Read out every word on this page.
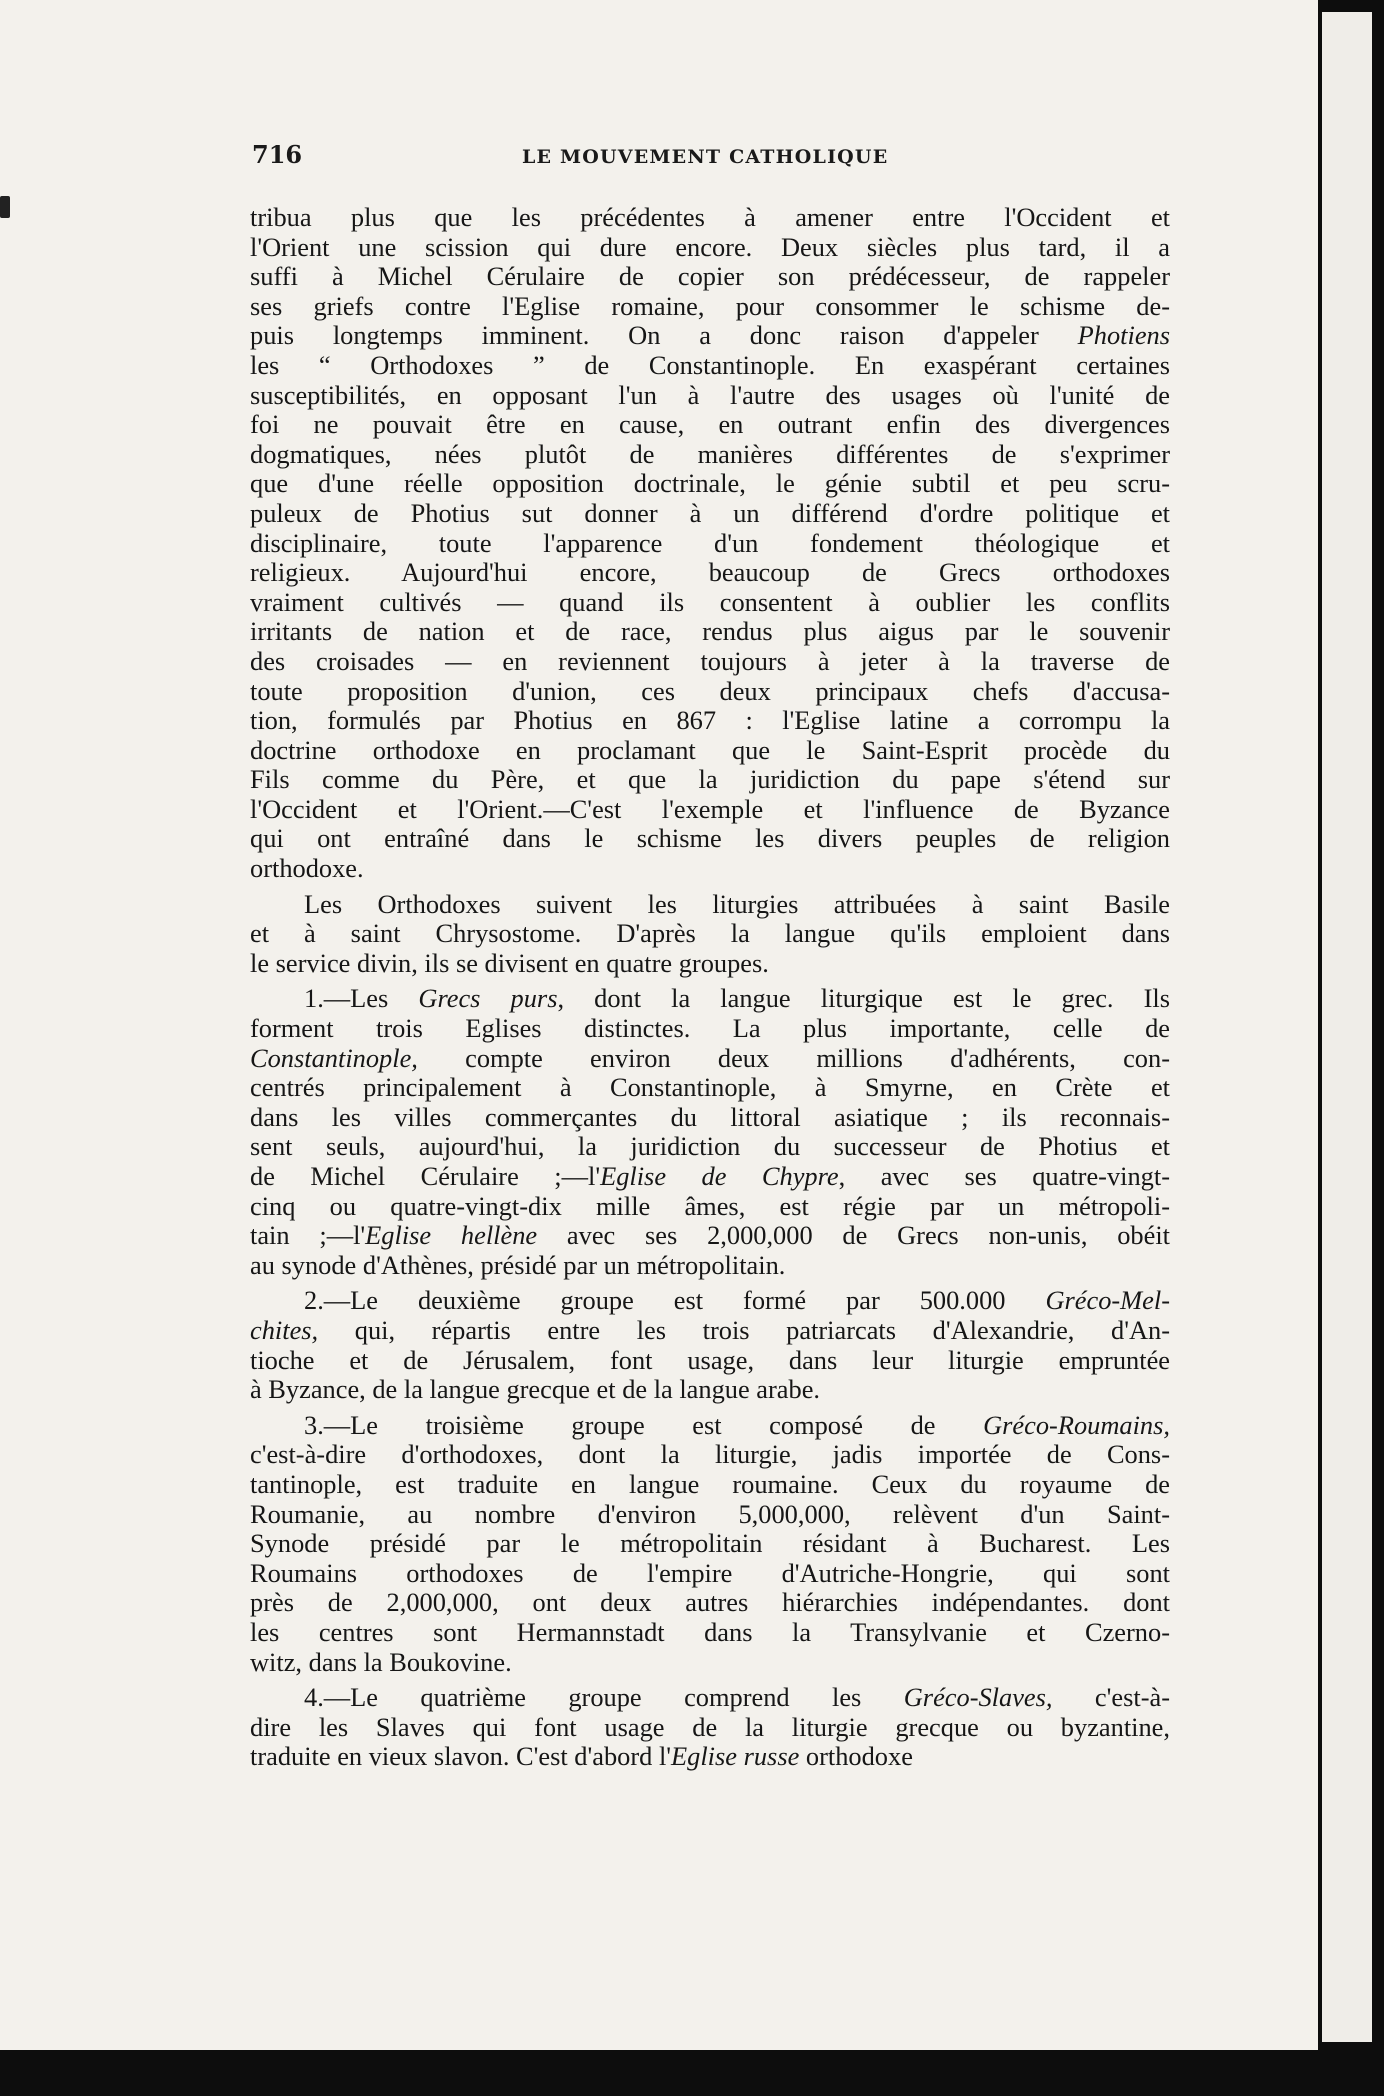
716	LE MOUVEMENT CATHOLIQUE

tribua plus que les précédentes à amener entre l'Occident et
l'Orient une scission qui dure encore. Deux siècles plus tard, il a
suffi à Michel Cérulaire de copier son prédécesseur, de rappeler
ses griefs contre l'Eglise romaine, pour consommer le schisme de-
puis longtemps imminent. On a donc raison d'appeler Photiens
les “ Orthodoxes ” de Constantinople. En exaspérant certaines
susceptibilités, en opposant l'un à l'autre des usages où l'unité de
foi ne pouvait être en cause, en outrant enfin des divergences
dogmatiques, nées plutôt de manières différentes de s'exprimer
que d'une réelle opposition doctrinale, le génie subtil et peu scru-
puleux de Photius sut donner à un différend d'ordre politique et
disciplinaire, toute l'apparence d'un fondement théologique et
religieux. Aujourd'hui encore, beaucoup de Grecs orthodoxes
vraiment cultivés — quand ils consentent à oublier les conflits
irritants de nation et de race, rendus plus aigus par le souvenir
des croisades — en reviennent toujours à jeter à la traverse de
toute proposition d'union, ces deux principaux chefs d'accusa-
tion, formulés par Photius en 867 : l'Eglise latine a corrompu la
doctrine orthodoxe en proclamant que le Saint-Esprit procède du
Fils comme du Père, et que la juridiction du pape s'étend sur
l'Occident et l'Orient.—C'est l'exemple et l'influence de Byzance
qui ont entraîné dans le schisme les divers peuples de religion
orthodoxe.

Les Orthodoxes suivent les liturgies attribuées à saint Basile
et à saint Chrysostome. D'après la langue qu'ils emploient dans
le service divin, ils se divisent en quatre groupes.

1.—Les Grecs purs, dont la langue liturgique est le grec. Ils
forment trois Eglises distinctes. La plus importante, celle de
Constantinople, compte environ deux millions d'adhérents, con-
centrés principalement à Constantinople, à Smyrne, en Crète et
dans les villes commerçantes du littoral asiatique ; ils reconnais-
sent seuls, aujourd'hui, la juridiction du successeur de Photius et
de Michel Cérulaire ;—l'Eglise de Chypre, avec ses quatre-vingt-
cinq ou quatre-vingt-dix mille âmes, est régie par un métropoli-
tain ;—l'Eglise hellène avec ses 2,000,000 de Grecs non-unis, obéit
au synode d'Athènes, présidé par un métropolitain.

2.—Le deuxième groupe est formé par 500.000 Gréco-Mel-
chites, qui, répartis entre les trois patriarcats d'Alexandrie, d'An-
tioche et de Jérusalem, font usage, dans leur liturgie empruntée
à Byzance, de la langue grecque et de la langue arabe.

3.—Le troisième groupe est composé de Gréco-Roumains,
c'est-à-dire d'orthodoxes, dont la liturgie, jadis importée de Cons-
tantinople, est traduite en langue roumaine. Ceux du royaume de
Roumanie, au nombre d'environ 5,000,000, relèvent d'un Saint-
Synode présidé par le métropolitain résidant à Bucharest. Les
Roumains orthodoxes de l'empire d'Autriche-Hongrie, qui sont
près de 2,000,000, ont deux autres hiérarchies indépendantes. dont
les centres sont Hermannstadt dans la Transylvanie et Czerno-
witz, dans la Boukovine.

4.—Le quatrième groupe comprend les Gréco-Slaves, c'est-à-
dire les Slaves qui font usage de la liturgie grecque ou byzantine,
traduite en vieux slavon. C'est d'abord l'Eglise russe orthodoxe
